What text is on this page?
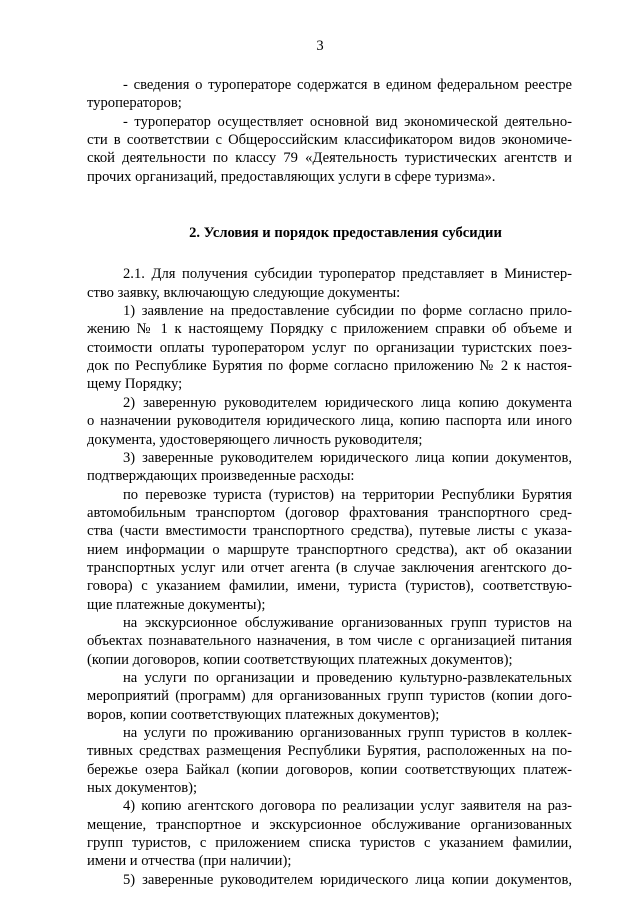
3
- сведения о туроператоре содержатся в едином федеральном реестре
туроператоров;
- туроператор осуществляет основной вид экономической деятельно-
сти в соответствии с Общероссийским классификатором видов экономиче-
ской деятельности по классу 79 «Деятельность туристических агентств и
прочих организаций, предоставляющих услуги в сфере туризма».
2. Условия и порядок предоставления субсидии
2.1. Для получения субсидии туроператор представляет в Министер-
ство заявку, включающую следующие документы:
1) заявление на предоставление субсидии по форме согласно прило-
жению № 1 к настоящему Порядку с приложением справки об объеме и
стоимости оплаты туроператором услуг по организации туристских поез-
док по Республике Бурятия по форме согласно приложению № 2 к настоя-
щему Порядку;
2) заверенную руководителем юридического лица копию документа
о назначении руководителя юридического лица, копию паспорта или иного
документа, удостоверяющего личность руководителя;
3) заверенные руководителем юридического лица копии документов,
подтверждающих произведенные расходы:
по перевозке туриста (туристов) на территории Республики Бурятия
автомобильным транспортом (договор фрахтования транспортного сред-
ства (части вместимости транспортного средства), путевые листы с указа-
нием информации о маршруте транспортного средства), акт об оказании
транспортных услуг или отчет агента (в случае заключения агентского до-
говора) с указанием фамилии, имени, туриста (туристов), соответствую-
щие платежные документы);
на экскурсионное обслуживание организованных групп туристов на
объектах познавательного назначения, в том числе с организацией питания
(копии договоров, копии соответствующих платежных документов);
на услуги по организации и проведению культурно-развлекательных
мероприятий (программ) для организованных групп туристов (копии дого-
воров, копии соответствующих платежных документов);
на услуги по проживанию организованных групп туристов в коллек-
тивных средствах размещения Республики Бурятия, расположенных на по-
бережье озера Байкал (копии договоров, копии соответствующих платеж-
ных документов);
4) копию агентского договора по реализации услуг заявителя на раз-
мещение, транспортное и экскурсионное обслуживание организованных
групп туристов, с приложением списка туристов с указанием фамилии,
имени и отчества (при наличии);
5) заверенные руководителем юридического лица копии документов,
